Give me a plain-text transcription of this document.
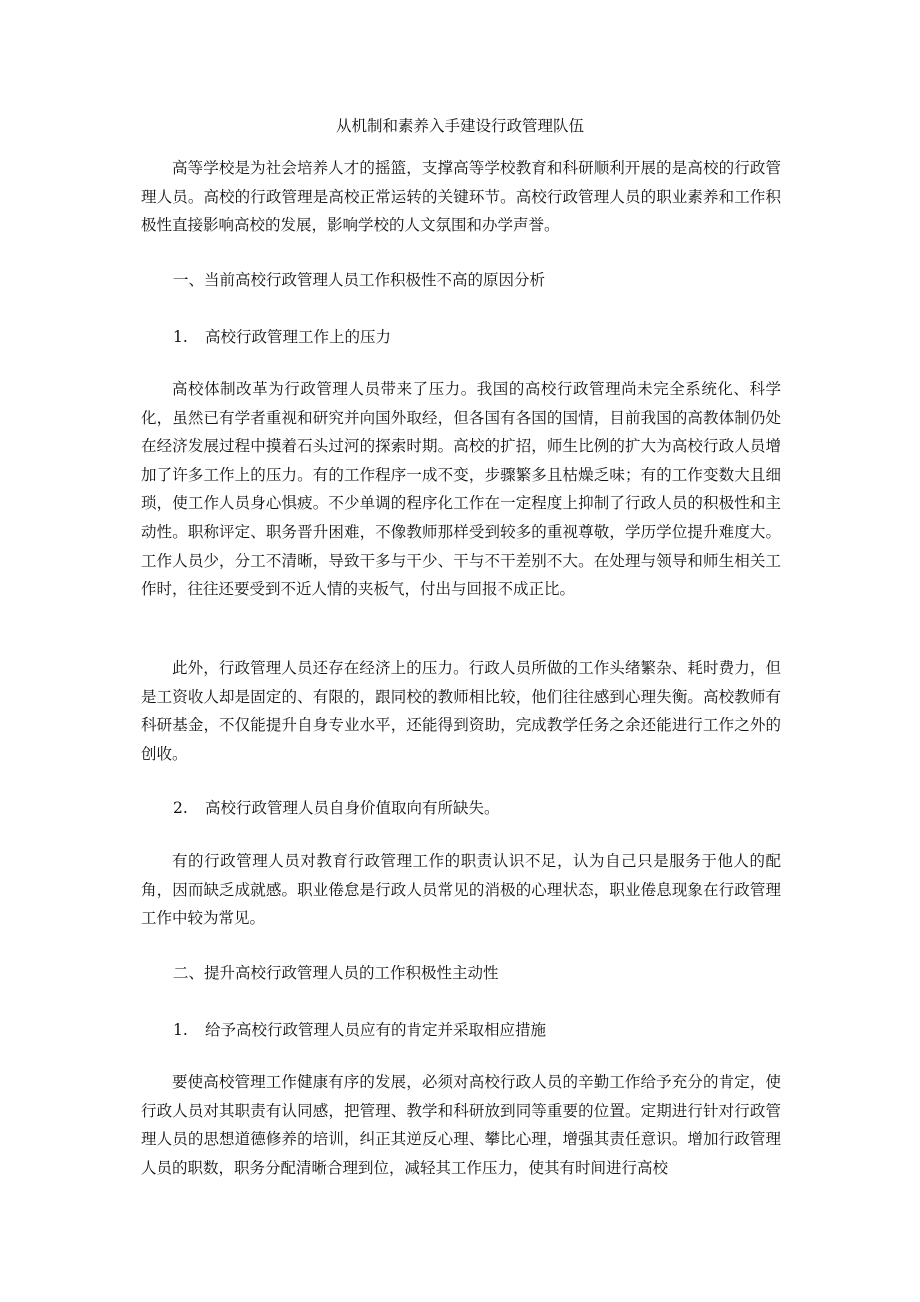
从机制和素养入手建设行政管理队伍

高等学校是为社会培养人才的摇篮，支撑高等学校教育和科研顺利开展的是高校的行政管理人员。高校的行政管理是高校正常运转的关键环节。高校行政管理人员的职业素养和工作积极性直接影响高校的发展，影响学校的人文氛围和办学声誉。

一、当前高校行政管理人员工作积极性不高的原因分析

1. 高校行政管理工作上的压力

高校体制改革为行政管理人员带来了压力。我国的高校行政管理尚未完全系统化、科学化，虽然已有学者重视和研究并向国外取经，但各国有各国的国情，目前我国的高教体制仍处在经济发展过程中摸着石头过河的探索时期。高校的扩招，师生比例的扩大为高校行政人员增加了许多工作上的压力。有的工作程序一成不变，步骤繁多且枯燥乏味；有的工作变数大且细琐，使工作人员身心惧疲。不少单调的程序化工作在一定程度上抑制了行政人员的积极性和主动性。职称评定、职务晋升困难，不像教师那样受到较多的重视尊敬，学历学位提升难度大。工作人员少，分工不清晰，导致干多与干少、干与不干差别不大。在处理与领导和师生相关工作时，往往还要受到不近人情的夹板气，付出与回报不成正比。

此外，行政管理人员还存在经济上的压力。行政人员所做的工作头绪繁杂、耗时费力，但是工资收人却是固定的、有限的，跟同校的教师相比较，他们往往感到心理失衡。高校教师有科研基金，不仅能提升自身专业水平，还能得到资助，完成教学任务之余还能进行工作之外的创收。

2. 高校行政管理人员自身价值取向有所缺失。

有的行政管理人员对教育行政管理工作的职责认识不足，认为自己只是服务于他人的配角，因而缺乏成就感。职业倦怠是行政人员常见的消极的心理状态，职业倦息现象在行政管理工作中较为常见。

二、提升高校行政管理人员的工作积极性主动性

1. 给予高校行政管理人员应有的肯定并采取相应措施

要使高校管理工作健康有序的发展，必须对高校行政人员的辛勤工作给予充分的肯定，使行政人员对其职责有认同感，把管理、教学和科研放到同等重要的位置。定期进行针对行政管理人员的思想道德修养的培训，纠正其逆反心理、攀比心理，增强其责任意识。增加行政管理人员的职数，职务分配清晰合理到位，减轻其工作压力，使其有时间进行高校
